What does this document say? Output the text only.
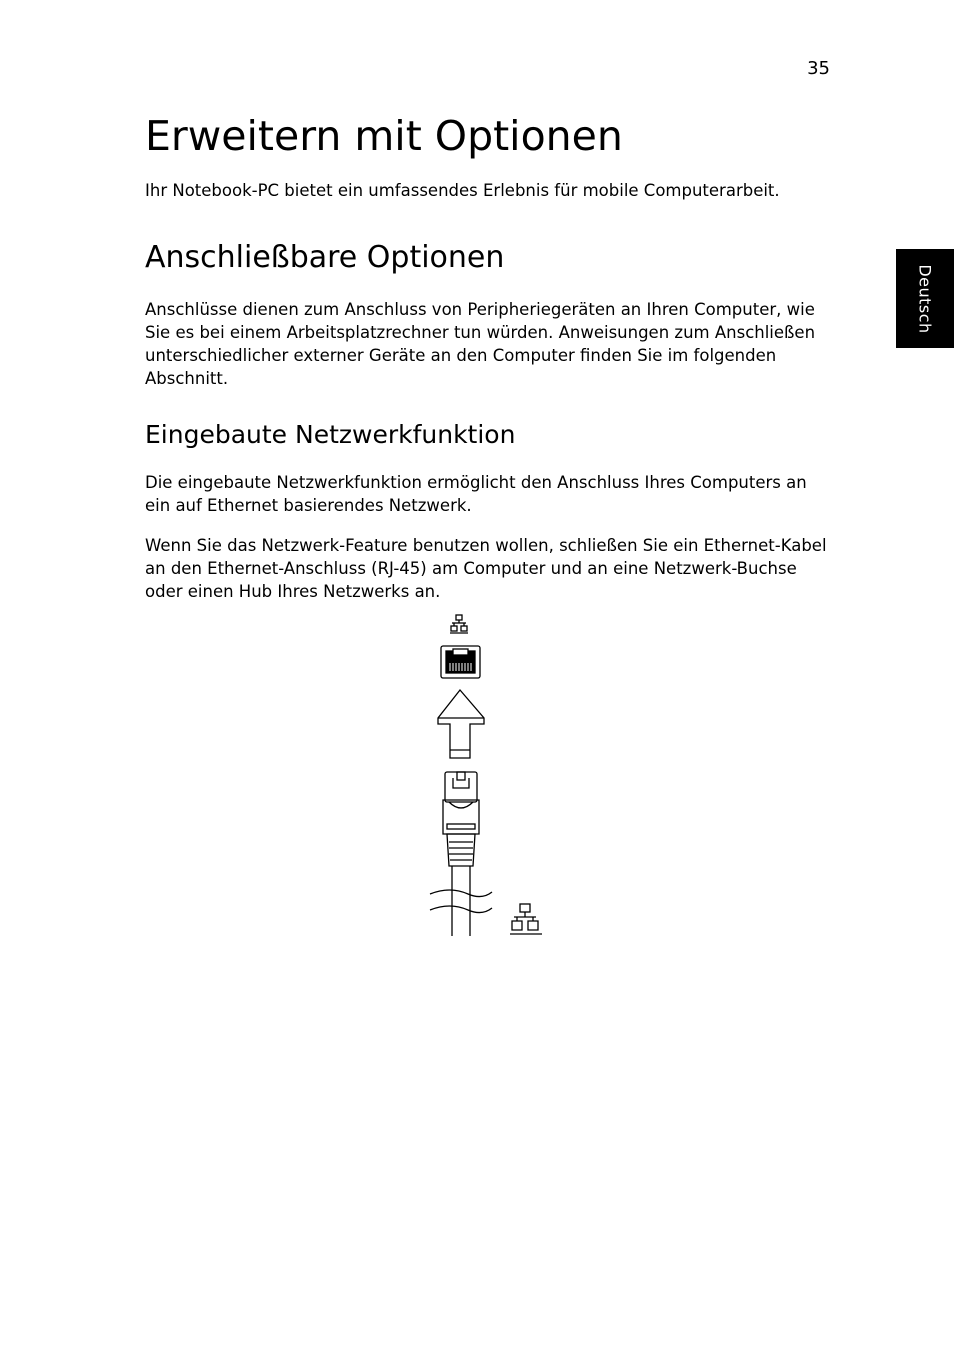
35
Deutsch
Erweitern mit Optionen

Ihr Notebook-PC bietet ein umfassendes Erlebnis für mobile Computerarbeit.

Anschließbare Optionen

Anschlüsse dienen zum Anschluss von Peripheriegeräten an Ihren Computer, wie Sie es bei einem Arbeitsplatzrechner tun würden. Anweisungen zum Anschließen unterschiedlicher externer Geräte an den Computer finden Sie im folgenden Abschnitt.

Eingebaute Netzwerkfunktion

Die eingebaute Netzwerkfunktion ermöglicht den Anschluss Ihres Computers an ein auf Ethernet basierendes Netzwerk.

Wenn Sie das Netzwerk-Feature benutzen wollen, schließen Sie ein Ethernet-Kabel an den Ethernet-Anschluss (RJ-45) am Computer und an eine Netzwerk-Buchse oder einen Hub Ihres Netzwerks an.
